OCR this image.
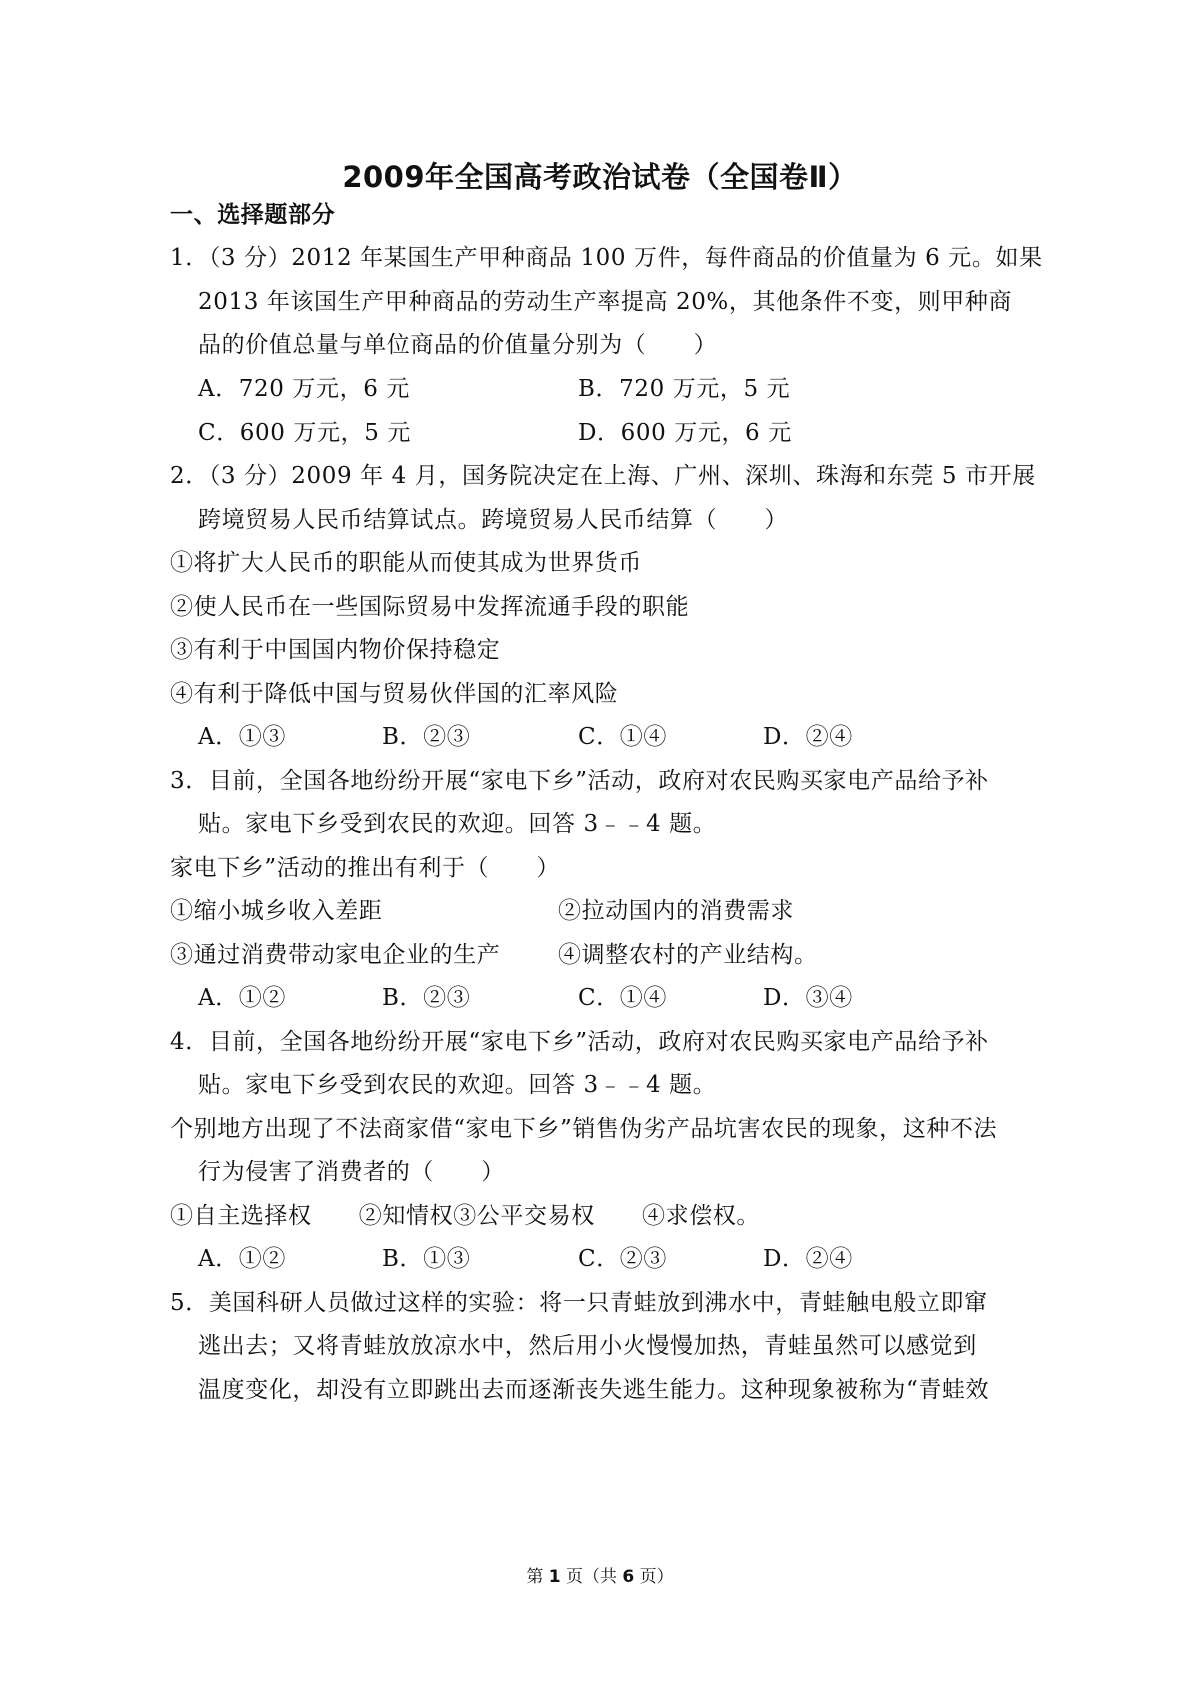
2009年全国高考政治试卷（全国卷Ⅱ）
一、选择题部分
1．（3 分）2012 年某国生产甲种商品 100 万件，每件商品的价值量为 6 元。如果
2013 年该国生产甲种商品的劳动生产率提高 20%，其他条件不变，则甲种商
品的价值总量与单位商品的价值量分别为（　　）
A．720 万元，6 元	B．720 万元，5 元
C．600 万元，5 元	D．600 万元，6 元
2．（3 分）2009 年 4 月，国务院决定在上海、广州、深圳、珠海和东莞 5 市开展
跨境贸易人民币结算试点。跨境贸易人民币结算（　　）
①将扩大人民币的职能从而使其成为世界货币
②使人民币在一些国际贸易中发挥流通手段的职能
③有利于中国国内物价保持稳定
④有利于降低中国与贸易伙伴国的汇率风险
A．①③	B．②③	C．①④	D．②④
3．目前，全国各地纷纷开展“家电下乡”活动，政府对农民购买家电产品给予补
贴。家电下乡受到农民的欢迎。回答 3﹣﹣4 题。
家电下乡”活动的推出有利于（　　）
①缩小城乡收入差距	②拉动国内的消费需求
③通过消费带动家电企业的生产	④调整农村的产业结构。
A．①②	B．②③	C．①④	D．③④
4．目前，全国各地纷纷开展“家电下乡”活动，政府对农民购买家电产品给予补
贴。家电下乡受到农民的欢迎。回答 3﹣﹣4 题。
个别地方出现了不法商家借“家电下乡”销售伪劣产品坑害农民的现象，这种不法
行为侵害了消费者的（　　）
①自主选择权　　②知情权③公平交易权　　④求偿权。
A．①②	B．①③	C．②③	D．②④
5．美国科研人员做过这样的实验：将一只青蛙放到沸水中，青蛙触电般立即窜
逃出去；又将青蛙放放凉水中，然后用小火慢慢加热，青蛙虽然可以感觉到
温度变化，却没有立即跳出去而逐渐丧失逃生能力。这种现象被称为“青蛙效
第 1 页（共 6 页）
